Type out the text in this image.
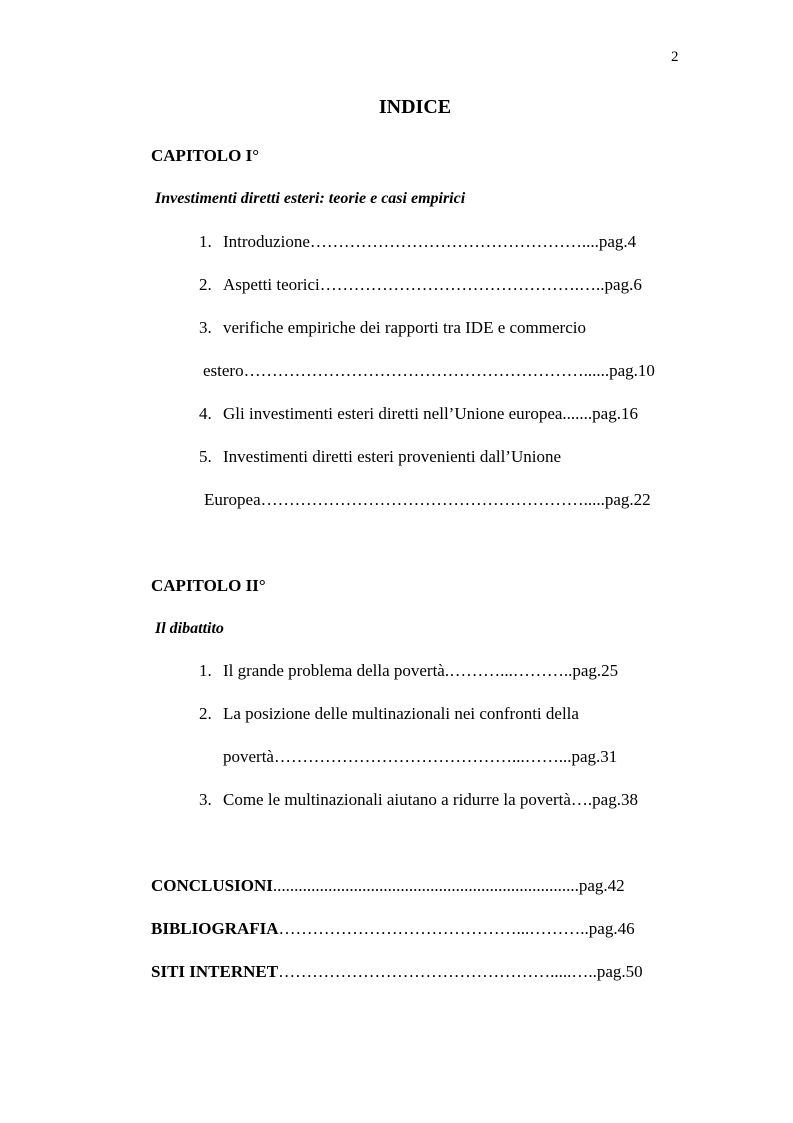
2
INDICE
CAPITOLO I°
Investimenti diretti esteri: teorie e casi empirici
1. Introduzione…………………………………………....pag.4
2. Aspetti teorici……………………………………….…..pag.6
3. verifiche empiriche dei rapporti tra IDE e commercio
estero……………………………………………………......pag.10
4. Gli investimenti esteri diretti nell’Unione europea.......pag.16
5. Investimenti diretti esteri provenienti dall’Unione
Europea………………………………………………….....pag.22
CAPITOLO II°
Il dibattito
1. Il grande problema della povertà.………...………..pag.25
2. La posizione delle multinazionali nei confronti della
povertà……………………………………...……...pag.31
3. Come le multinazionali aiutano a ridurre la povertà….pag.38
CONCLUSIONI........................................................................pag.42
BIBLIOGRAFIA……………………………………...………..pag.46
SITI INTERNET………………………………………….....…..pag.50
